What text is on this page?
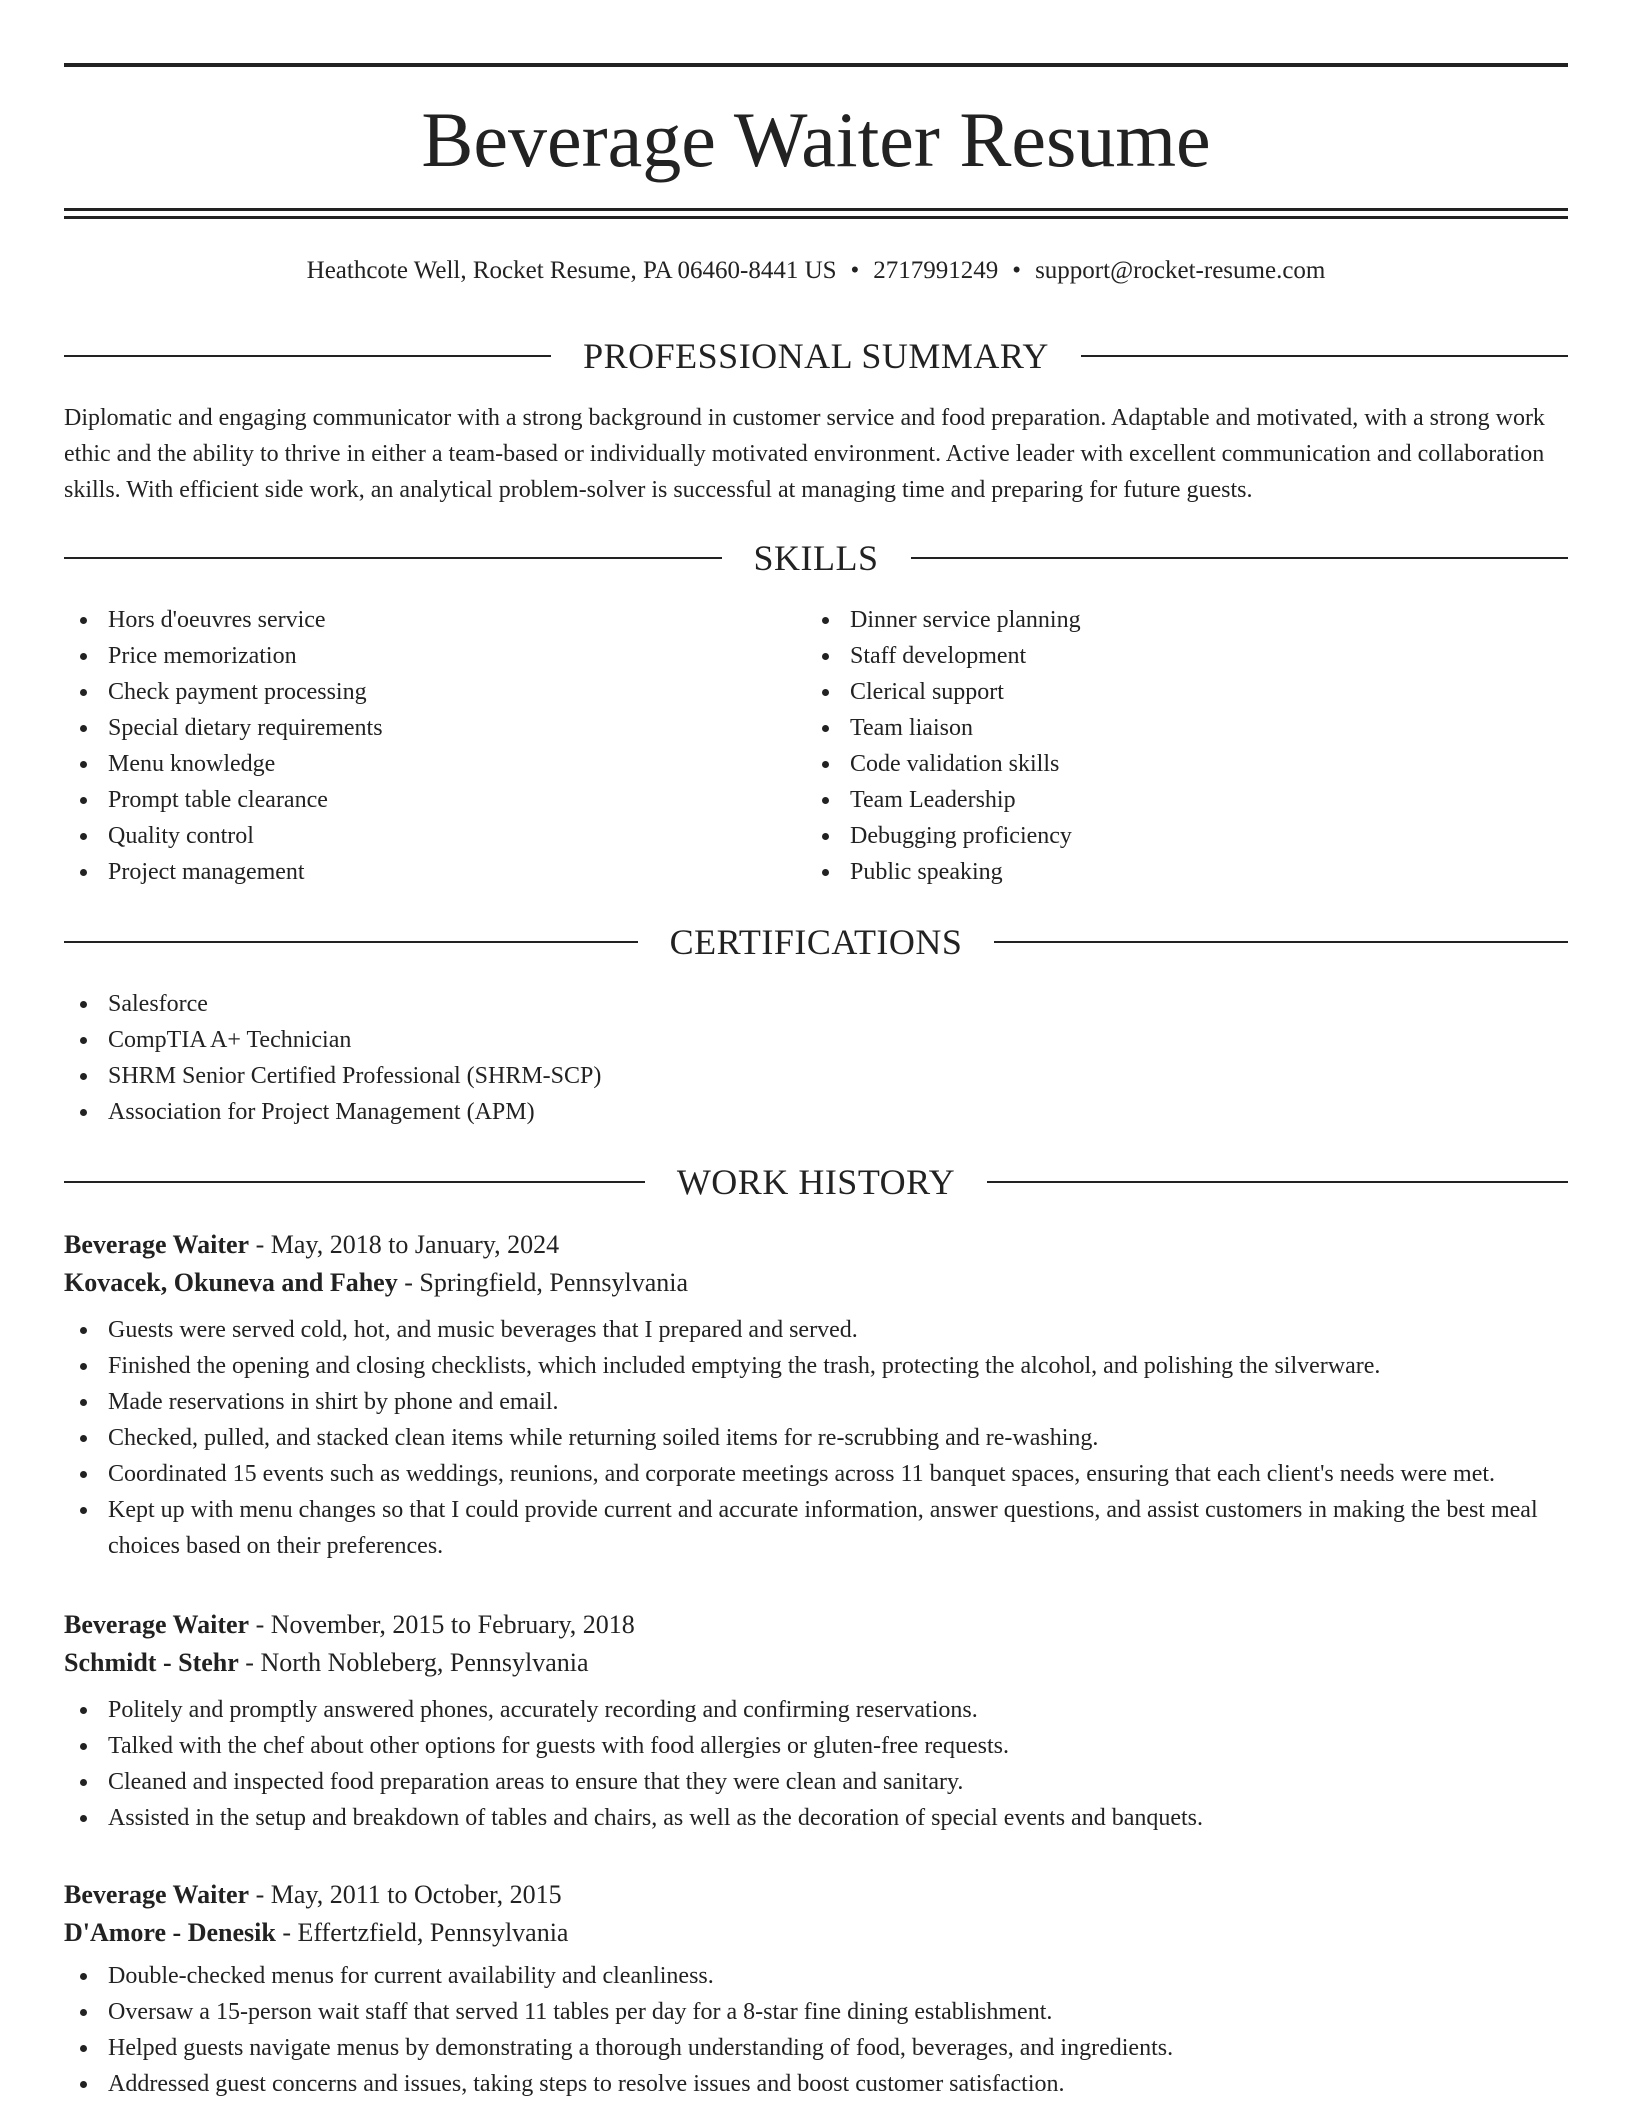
Beverage Waiter Resume
Heathcote Well, Rocket Resume, PA 06460-8441 US • 2717991249 • support@rocket-resume.com
PROFESSIONAL SUMMARY

Diplomatic and engaging communicator with a strong background in customer service and food preparation. Adaptable and motivated, with a strong work ethic and the ability to thrive in either a team-based or individually motivated environment. Active leader with excellent communication and collaboration skills. With efficient side work, an analytical problem-solver is successful at managing time and preparing for future guests.

SKILLS
Hors d'oeuvres service
Price memorization
Check payment processing
Special dietary requirements
Menu knowledge
Prompt table clearance
Quality control
Project management
Dinner service planning
Staff development
Clerical support
Team liaison
Code validation skills
Team Leadership
Debugging proficiency
Public speaking
CERTIFICATIONS
Salesforce
CompTIA A+ Technician
SHRM Senior Certified Professional (SHRM-SCP)
Association for Project Management (APM)
WORK HISTORY
Beverage Waiter - May, 2018 to January, 2024
Kovacek, Okuneva and Fahey - Springfield, Pennsylvania
Guests were served cold, hot, and music beverages that I prepared and served.
Finished the opening and closing checklists, which included emptying the trash, protecting the alcohol, and polishing the silverware.
Made reservations in shirt by phone and email.
Checked, pulled, and stacked clean items while returning soiled items for re-scrubbing and re-washing.
Coordinated 15 events such as weddings, reunions, and corporate meetings across 11 banquet spaces, ensuring that each client's needs were met.
Kept up with menu changes so that I could provide current and accurate information, answer questions, and assist customers in making the best meal choices based on their preferences.
Beverage Waiter - November, 2015 to February, 2018
Schmidt - Stehr - North Nobleberg, Pennsylvania
Politely and promptly answered phones, accurately recording and confirming reservations.
Talked with the chef about other options for guests with food allergies or gluten-free requests.
Cleaned and inspected food preparation areas to ensure that they were clean and sanitary.
Assisted in the setup and breakdown of tables and chairs, as well as the decoration of special events and banquets.
Beverage Waiter - May, 2011 to October, 2015
D'Amore - Denesik - Effertzfield, Pennsylvania
Double-checked menus for current availability and cleanliness.
Oversaw a 15-person wait staff that served 11 tables per day for a 8-star fine dining establishment.
Helped guests navigate menus by demonstrating a thorough understanding of food, beverages, and ingredients.
Addressed guest concerns and issues, taking steps to resolve issues and boost customer satisfaction.
